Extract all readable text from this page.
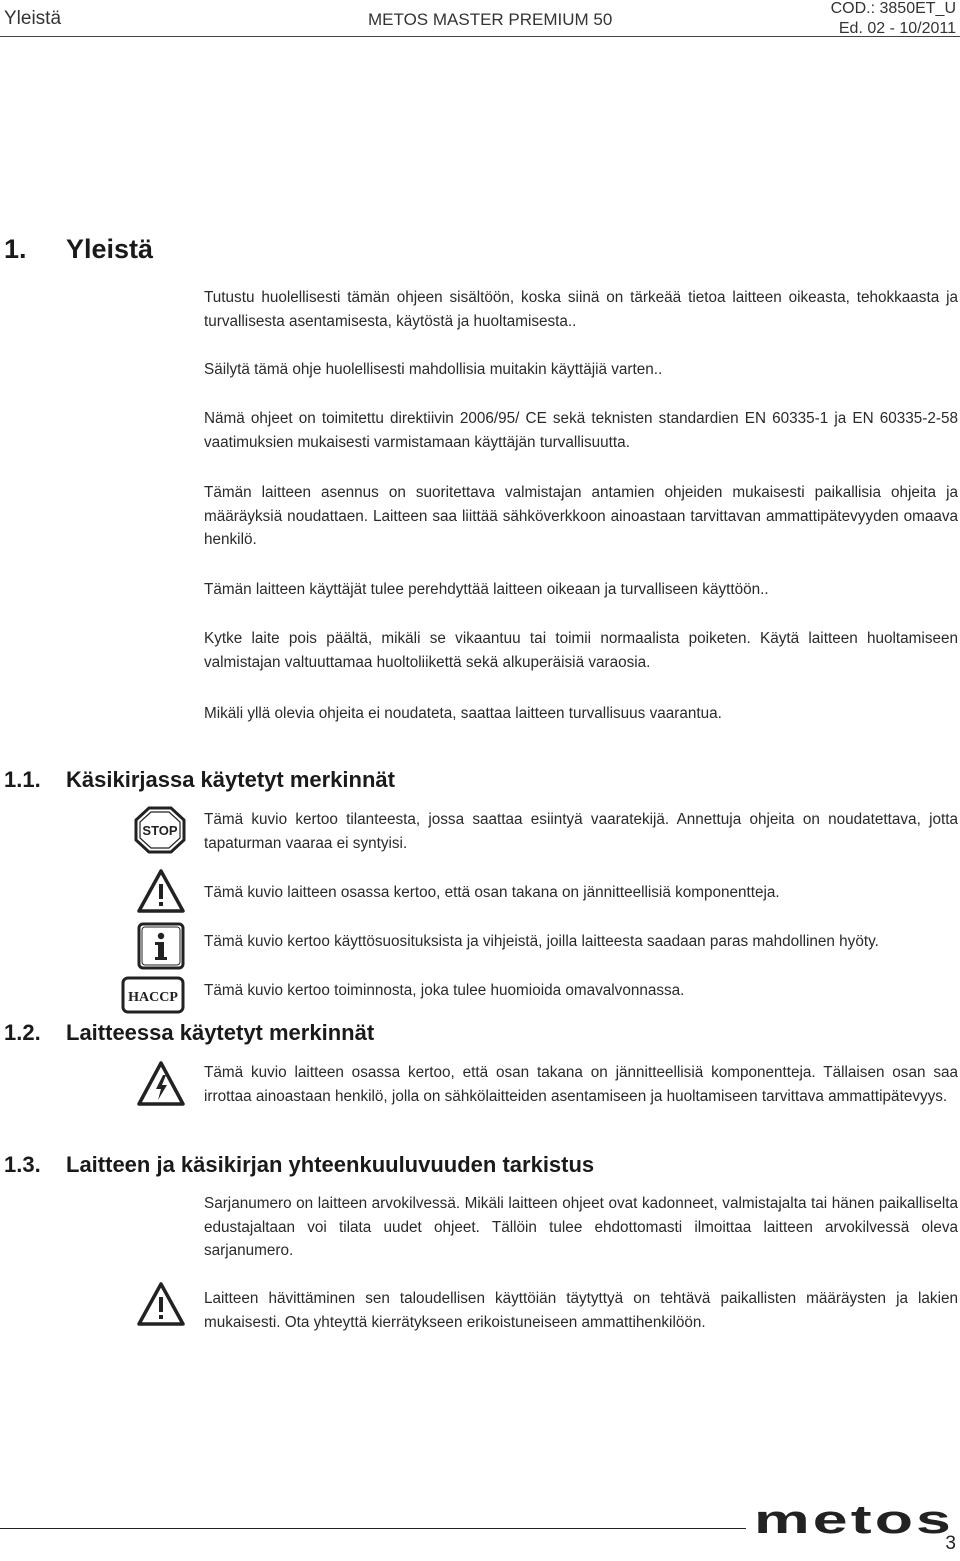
Yleistä	METOS MASTER PREMIUM 50
COD.: 3850ET_U
Ed. 02 - 10/2011
1. Yleistä

Tutustu huolellisesti tämän ohjeen sisältöön, koska siinä on tärkeää tietoa laitteen oikeasta, tehokkaasta ja turvallisesta asentamisesta, käytöstä ja huoltamisesta..

Säilytä tämä ohje huolellisesti mahdollisia muitakin käyttäjiä varten..

Nämä ohjeet on toimitettu direktiivin 2006/95/ CE sekä teknisten standardien EN 60335-1 ja EN 60335-2-58 vaatimuksien mukaisesti varmistamaan käyttäjän turvallisuutta.

Tämän laitteen asennus on suoritettava valmistajan antamien ohjeiden mukaisesti paikallisia ohjeita ja määräyksiä noudattaen. Laitteen saa liittää sähköverkkoon ainoastaan tarvittavan ammattipätevyyden omaava henkilö.

Tämän laitteen käyttäjät tulee perehdyttää laitteen oikeaan ja turvalliseen käyttöön..

Kytke laite pois päältä, mikäli se vikaantuu tai toimii normaalista poiketen. Käytä laitteen huoltamiseen valmistajan valtuuttamaa huoltoliikettä sekä alkuperäisiä varaosia.

Mikäli yllä olevia ohjeita ei noudateta, saattaa laitteen turvallisuus vaarantua.

1.1. Käsikirjassa käytetyt merkinnät
STOP

Tämä kuvio kertoo tilanteesta, jossa saattaa esiintyä vaaratekijä. Annettuja ohjeita on noudatettava, jotta tapaturman vaaraa ei syntyisi.

Tämä kuvio laitteen osassa kertoo, että osan takana on jännitteellisiä komponentteja.

Tämä kuvio kertoo käyttösuosituksista ja vihjeistä, joilla laitteesta saadaan paras mahdollinen hyöty.

HACCP Tämä kuvio kertoo toiminnosta, joka tulee huomioida omavalvonnassa.

1.2. Laitteessa käytetyt merkinnät

Tämä kuvio laitteen osassa kertoo, että osan takana on jännitteellisiä komponentteja. Tällaisen osan saa irrottaa ainoastaan henkilö, jolla on sähkölaitteiden asentamiseen ja huoltamiseen tarvittava ammattipätevyys.

1.3. Laitteen ja käsikirjan yhteenkuuluvuuden tarkistus

Sarjanumero on laitteen arvokilvessä. Mikäli laitteen ohjeet ovat kadonneet, valmistajalta tai hänen paikalliselta edustajaltaan voi tilata uudet ohjeet. Tällöin tulee ehdottomasti ilmoittaa laitteen arvokilvessä oleva sarjanumero.

Laitteen hävittäminen sen taloudellisen käyttöiän täytyttyä on tehtävä paikallisten määräysten ja lakien mukaisesti. Ota yhteyttä kierrätykseen erikoistuneiseen ammattihenkilöön.

metos
3
